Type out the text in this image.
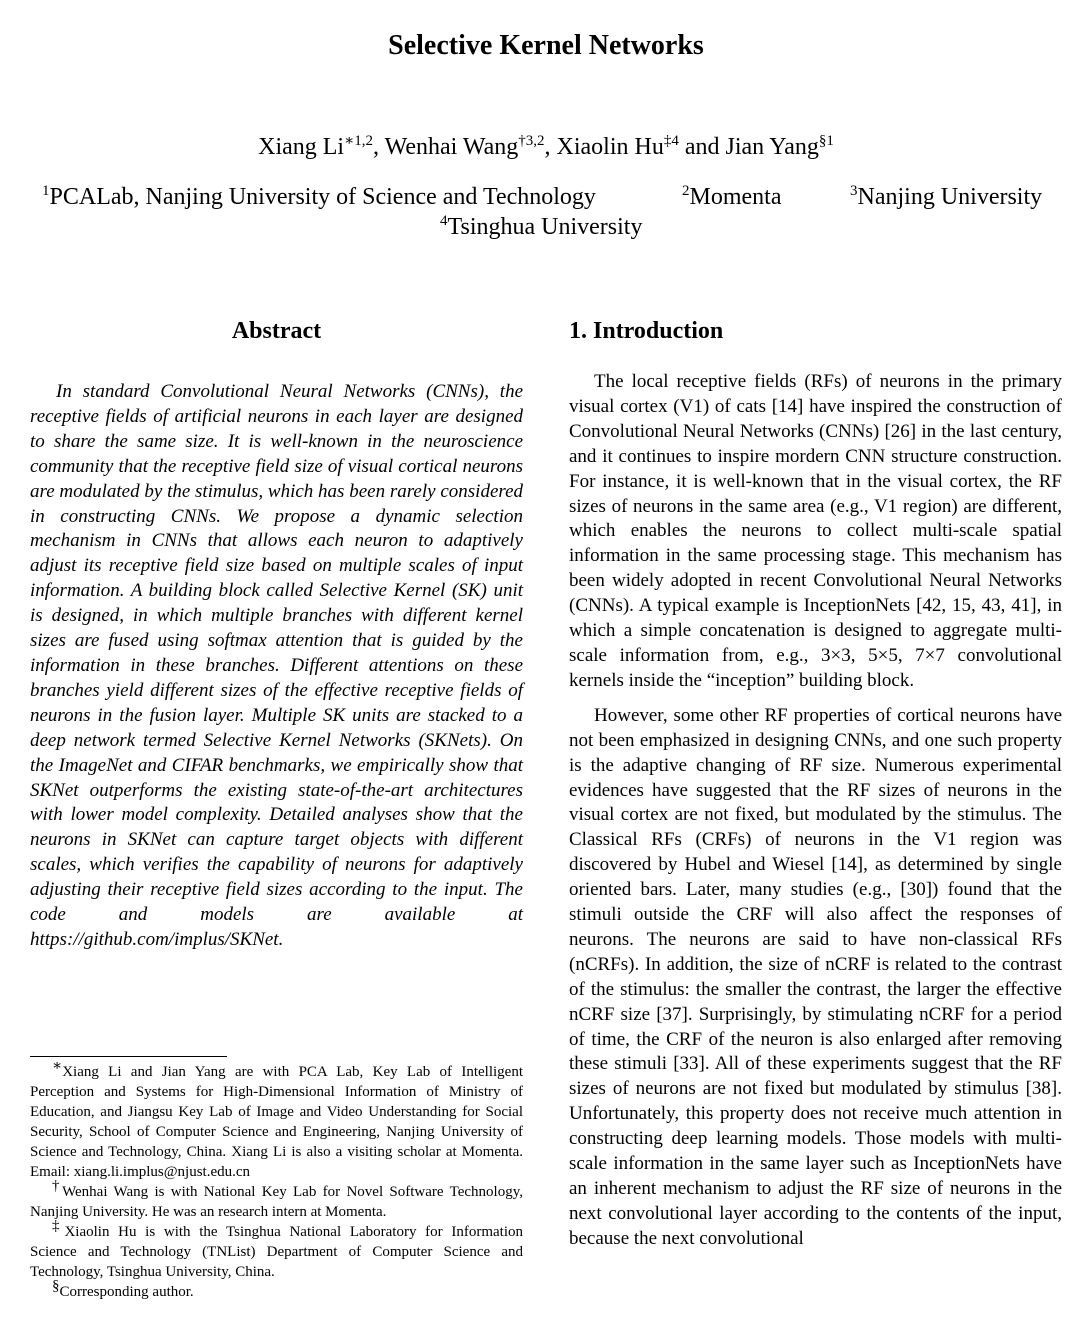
Selective Kernel Networks
Xiang $Li^{∗1,2}$, Wenhai Wang$^{\dagger 3,2}$, Xiaolin Hu$^{\ddagger 4}$ and Jian Yang$^{\S 1}$
$^1$PCALab, Nanjing University of Science and Technology	$^2$Momenta	$^3$Nanjing University
$^4$Tsinghua University
Abstract
In standard Convolutional Neural Networks (CNNs), the receptive fields of artificial neurons in each layer are designed to share the same size. It is well-known in the neuroscience community that the receptive field size of visual cortical neurons are modulated by the stimulus, which has been rarely considered in constructing CNNs. We propose a dynamic selection mechanism in CNNs that allows each neuron to adaptively adjust its receptive field size based on multiple scales of input information. A building block called Selective Kernel (SK) unit is designed, in which multiple branches with different kernel sizes are fused using softmax attention that is guided by the information in these branches. Different attentions on these branches yield different sizes of the effective receptive fields of neurons in the fusion layer. Multiple SK units are stacked to a deep network termed Selective Kernel Networks (SKNets). On the ImageNet and CIFAR benchmarks, we empirically show that SKNet outperforms the existing state-of-the-art architectures with lower model complexity. Detailed analyses show that the neurons in SKNet can capture target objects with different scales, which verifies the capability of neurons for adaptively adjusting their receptive field sizes according to the input. The code and models are available at https://github.com/implus/SKNet.
1. Introduction

The local receptive fields (RFs) of neurons in the primary visual cortex (V1) of cats [14] have inspired the construction of Convolutional Neural Networks (CNNs) [26] in the last century, and it continues to inspire mordern CNN structure construction. For instance, it is well-known that in the visual cortex, the RF sizes of neurons in the same area (e.g., V1 region) are different, which enables the neurons to collect multi-scale spatial information in the same processing stage. This mechanism has been widely adopted in recent Convolutional Neural Networks (CNNs). A typical example is InceptionNets [42, 15, 43, 41], in which a simple concatenation is designed to aggregate multi-scale information from, e.g., 3×3, 5×5, 7×7 convolutional kernels inside the “inception” building block.

However, some other RF properties of cortical neurons have not been emphasized in designing CNNs, and one such property is the adaptive changing of RF size. Numerous experimental evidences have suggested that the RF sizes of neurons in the visual cortex are not fixed, but modulated by the stimulus. The Classical RFs (CRFs) of neurons in the V1 region was discovered by Hubel and Wiesel [14], as determined by single oriented bars. Later, many studies (e.g., [30]) found that the stimuli outside the CRF will also affect the responses of neurons. The neurons are said to have non-classical RFs (nCRFs). In addition, the size of nCRF is related to the contrast of the stimulus: the smaller the contrast, the larger the effective nCRF size [37]. Surprisingly, by stimulating nCRF for a period of time, the CRF of the neuron is also enlarged after removing these stimuli [33]. All of these experiments suggest that the RF sizes of neurons are not fixed but modulated by stimulus [38]. Unfortunately, this property does not receive much attention in constructing deep learning models. Those models with multi-scale information in the same layer such as InceptionNets have an inherent mechanism to adjust the RF size of neurons in the next convolutional layer according to the contents of the input, because the next convolutional

∗Xiang Li and Jian Yang are with PCA Lab, Key Lab of Intelligent Perception and Systems for High-Dimensional Information of Ministry of Education, and Jiangsu Key Lab of Image and Video Understanding for Social Security, School of Computer Science and Engineering, Nanjing University of Science and Technology, China. Xiang Li is also a visiting scholar at Momenta. Email: xiang.li.implus@njust.edu.cn

†Wenhai Wang is with National Key Lab for Novel Software Technology, Nanjing University. He was an research intern at Momenta.

‡Xiaolin Hu is with the Tsinghua National Laboratory for Information Science and Technology (TNList) Department of Computer Science and Technology, Tsinghua University, China.

§Corresponding author.
